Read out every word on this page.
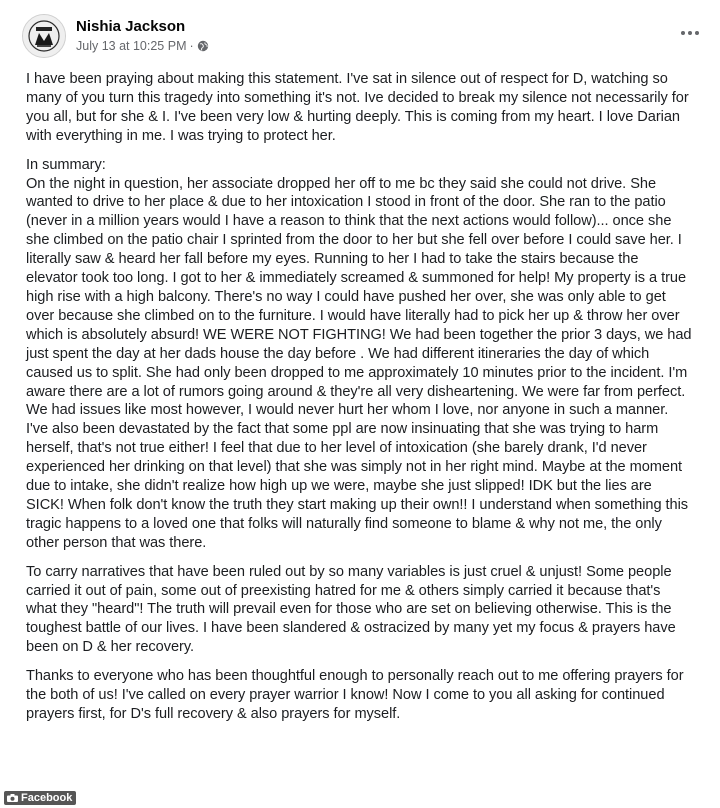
Nishia Jackson
July 13 at 10:25 PM ·

I have been praying about making this statement. I've sat in silence out of respect for D, watching so many of you turn this tragedy into something it's not. Ive decided to break my silence not necessarily for you all, but for she & I. I've been very low & hurting deeply. This is coming from my heart. I love Darian with everything in me. I was trying to protect her.

In summary:
On the night in question, her associate dropped her off to me bc they said she could not drive. She wanted to drive to her place & due to her intoxication I stood in front of the door. She ran to the patio (never in a million years would I have a reason to think that the next actions would follow)... once she she climbed on the patio chair I sprinted from the door to her but she fell over before I could save her. I literally saw & heard her fall before my eyes. Running to her I had to take the stairs because the elevator took too long. I got to her & immediately screamed & summoned for help! My property is a true high rise with a high balcony. There's no way I could have pushed her over, she was only able to get over because she climbed on to the furniture. I would have literally had to pick her up & throw her over which is absolutely absurd! WE WERE NOT FIGHTING! We had been together the prior 3 days, we had just spent the day at her dads house the day before . We had different itineraries the day of which caused us to split. She had only been dropped to me approximately 10 minutes prior to the incident. I'm aware there are a lot of rumors going around & they're all very disheartening. We were far from perfect. We had issues like most however, I would never hurt her whom I love, nor anyone in such a manner. I've also been devastated by the fact that some ppl are now insinuating that she was trying to harm herself, that's not true either! I feel that due to her level of intoxication (she barely drank, I'd never experienced her drinking on that level) that she was simply not in her right mind. Maybe at the moment due to intake, she didn't realize how high up we were, maybe she just slipped! IDK but the lies are SICK! When folk don't know the truth they start making up their own!! I understand when something this tragic happens to a loved one that folks will naturally find someone to blame & why not me, the only other person that was there.

To carry narratives that have been ruled out by so many variables is just cruel & unjust! Some people carried it out of pain, some out of preexisting hatred for me & others simply carried it because that's what they "heard"! The truth will prevail even for those who are set on believing otherwise. This is the toughest battle of our lives. I have been slandered & ostracized by many yet my focus & prayers have been on D & her recovery.

Thanks to everyone who has been thoughtful enough to personally reach out to me offering prayers for the both of us! I've called on every prayer warrior I know! Now I come to you all asking for continued prayers first, for D's full recovery & also prayers for myself.

Facebook
